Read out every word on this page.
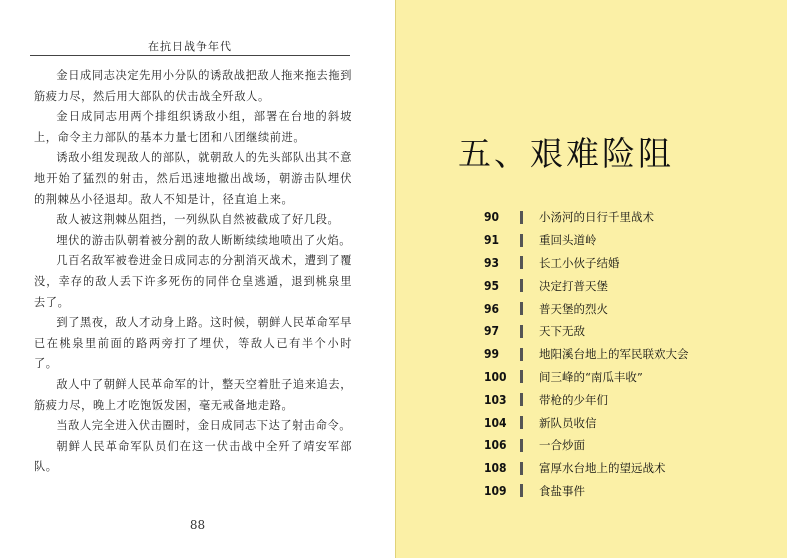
在抗日战争年代

金日成同志决定先用小分队的诱敌战把敌人拖来拖去拖到筋疲力尽，然后用大部队的伏击战全歼敌人。

金日成同志用两个排组织诱敌小组，部署在台地的斜坡上，命令主力部队的基本力量七团和八团继续前进。

诱敌小组发现敌人的部队，就朝敌人的先头部队出其不意地开始了猛烈的射击，然后迅速地撤出战场，朝游击队埋伏的荆棘丛小径退却。敌人不知是计，径直追上来。

敌人被这荆棘丛阻挡，一列纵队自然被截成了好几段。

埋伏的游击队朝着被分割的敌人断断续续地喷出了火焰。

几百名敌军被卷进金日成同志的分割消灭战术，遭到了覆没，幸存的敌人丢下许多死伤的同伴仓皇逃遁，退到桃泉里去了。

到了黑夜，敌人才动身上路。这时候，朝鲜人民革命军早已在桃泉里前面的路两旁打了埋伏，等敌人已有半个小时了。

敌人中了朝鲜人民革命军的计，整天空着肚子追来追去，筋疲力尽，晚上才吃饱饭发困，毫无戒备地走路。

当敌人完全进入伏击圈时，金日成同志下达了射击命令。

朝鲜人民革命军队员们在这一伏击战中全歼了靖安军部队。

88
五、艰难险阻
90	小汤河的日行千里战术
91	重回头道岭
93	长工小伙子结婚
95	决定打普天堡
96	普天堡的烈火
97	天下无敌
99	地阳溪台地上的军民联欢大会
100	间三峰的“南瓜丰收”
103	带枪的少年们
104	新队员收信
106	一合炒面
108	富厚水台地上的望远战术
109	食盐事件
